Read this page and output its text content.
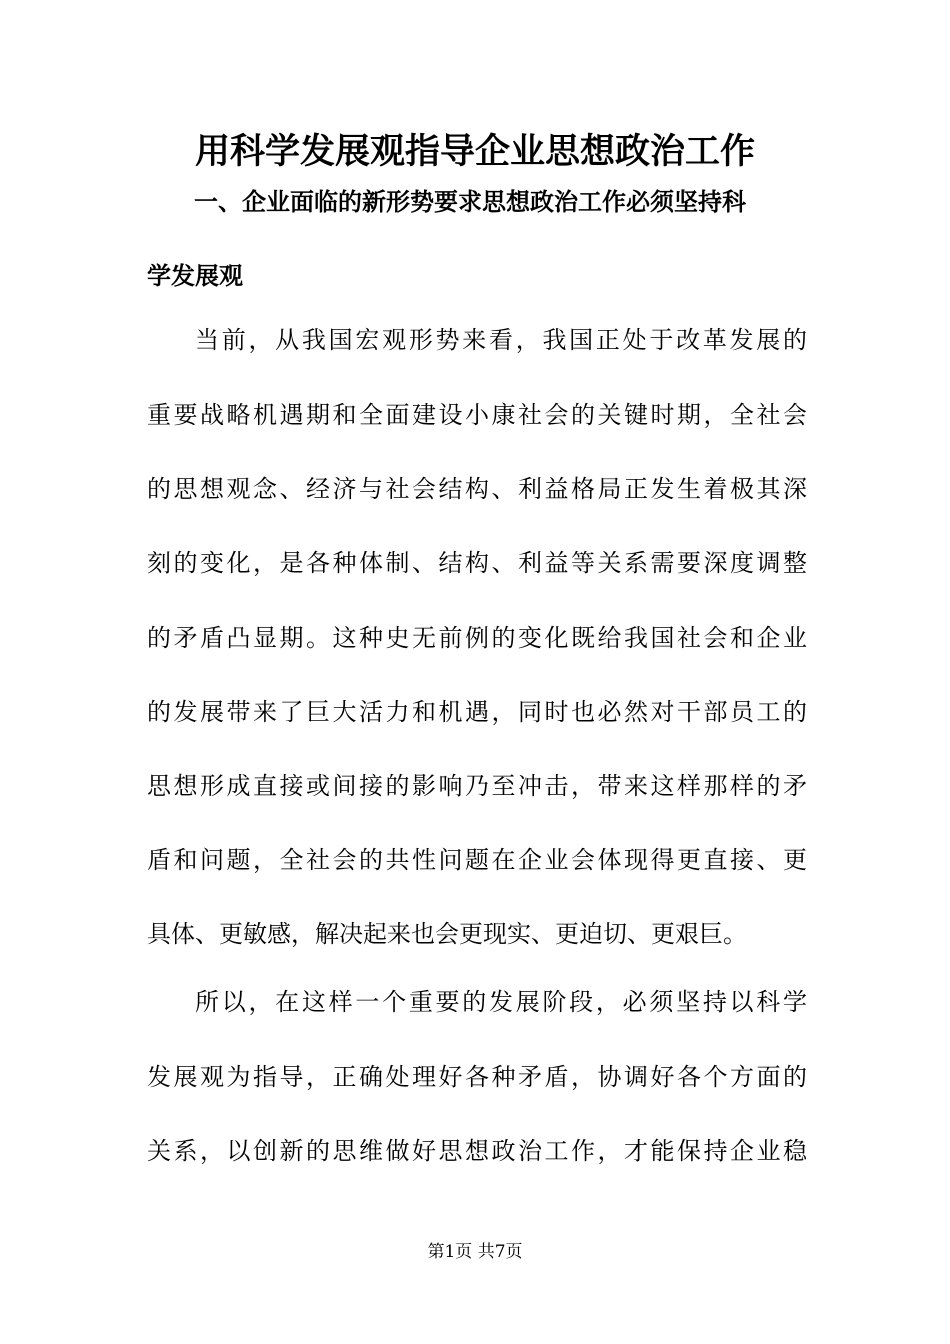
用科学发展观指导企业思想政治工作
一、企业面临的新形势要求思想政治工作必须坚持科
学发展观
当前，从我国宏观形势来看，我国正处于改革发展的
重要战略机遇期和全面建设小康社会的关键时期，全社会
的思想观念、经济与社会结构、利益格局正发生着极其深
刻的变化，是各种体制、结构、利益等关系需要深度调整
的矛盾凸显期。这种史无前例的变化既给我国社会和企业
的发展带来了巨大活力和机遇，同时也必然对干部员工的
思想形成直接或间接的影响乃至冲击，带来这样那样的矛
盾和问题，全社会的共性问题在企业会体现得更直接、更
具体、更敏感，解决起来也会更现实、更迫切、更艰巨。
所以，在这样一个重要的发展阶段，必须坚持以科学
发展观为指导，正确处理好各种矛盾，协调好各个方面的
关系，以创新的思维做好思想政治工作，才能保持企业稳
第1页 共7页
